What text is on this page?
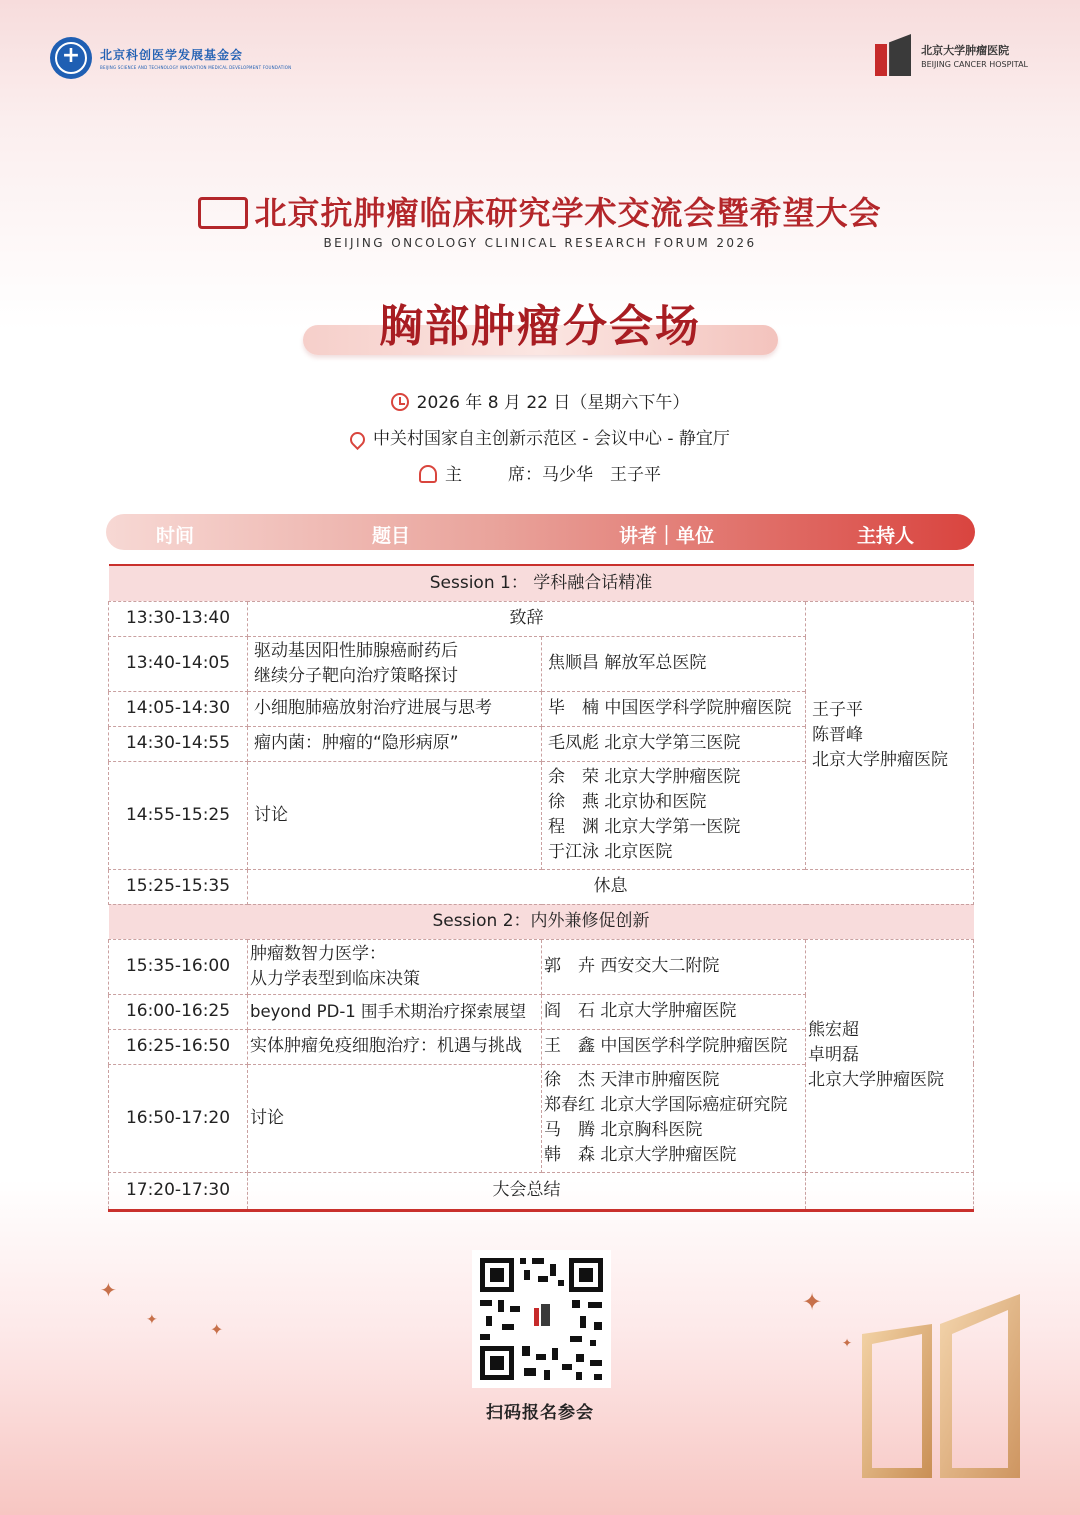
+
北京科创医学发展基金会
BEIJING SCIENCE AND TECHNOLOGY INNOVATION MEDICAL DEVELOPMENT FOUNDATION
北京大学肿瘤医院
BEIJING CANCER HOSPITAL
北京抗肿瘤临床研究学术交流会暨希望大会
BEIJING ONCOLOGY CLINICAL RESEARCH FORUM 2026
胸部肿瘤分会场
2026 年 8 月 22 日（星期六下午）
中关村国家自主创新示范区 - 会议中心 - 静宜厅
主	席：马少华　王子平
时间	题目	讲者｜单位	主持人
Session 1： 学科融合话精准			
13:30-13:40	致辞		王子平
陈晋峰
北京大学肿瘤医院

13:40-14:05	驱动基因阳性肺腺癌耐药后
继续分子靶向治疗策略探讨	焦顺昌 解放军总医院	

14:05-14:30	小细胞肺癌放射治疗进展与思考	毕　楠 中国医学科学院肿瘤医院	

14:30-14:55	瘤内菌：肿瘤的“隐形病原”	毛凤彪 北京大学第三医院	

14:55-15:25	讨论	余　荣 北京大学肿瘤医院
徐　燕 北京协和医院
程　渊 北京大学第一医院
于江泳 北京医院	

15:25-15:35	休息		
Session 2：内外兼修促创新			
15:35-16:00	肿瘤数智力医学：
从力学表型到临床决策	郭　卉 西安交大二附院	熊宏超
卓明磊
北京大学肿瘤医院

16:00-16:25	beyond PD-1 围手术期治疗探索展望	阎　石 北京大学肿瘤医院	

16:25-16:50	实体肿瘤免疫细胞治疗：机遇与挑战	王　鑫 中国医学科学院肿瘤医院	

16:50-17:20	讨论	徐　杰 天津市肿瘤医院
郑春红 北京大学国际癌症研究院
马　腾 北京胸科医院
韩　森 北京大学肿瘤医院	

17:20-17:30	大会总结		
扫码报名参会
✦
✦	✦
✦
✦
